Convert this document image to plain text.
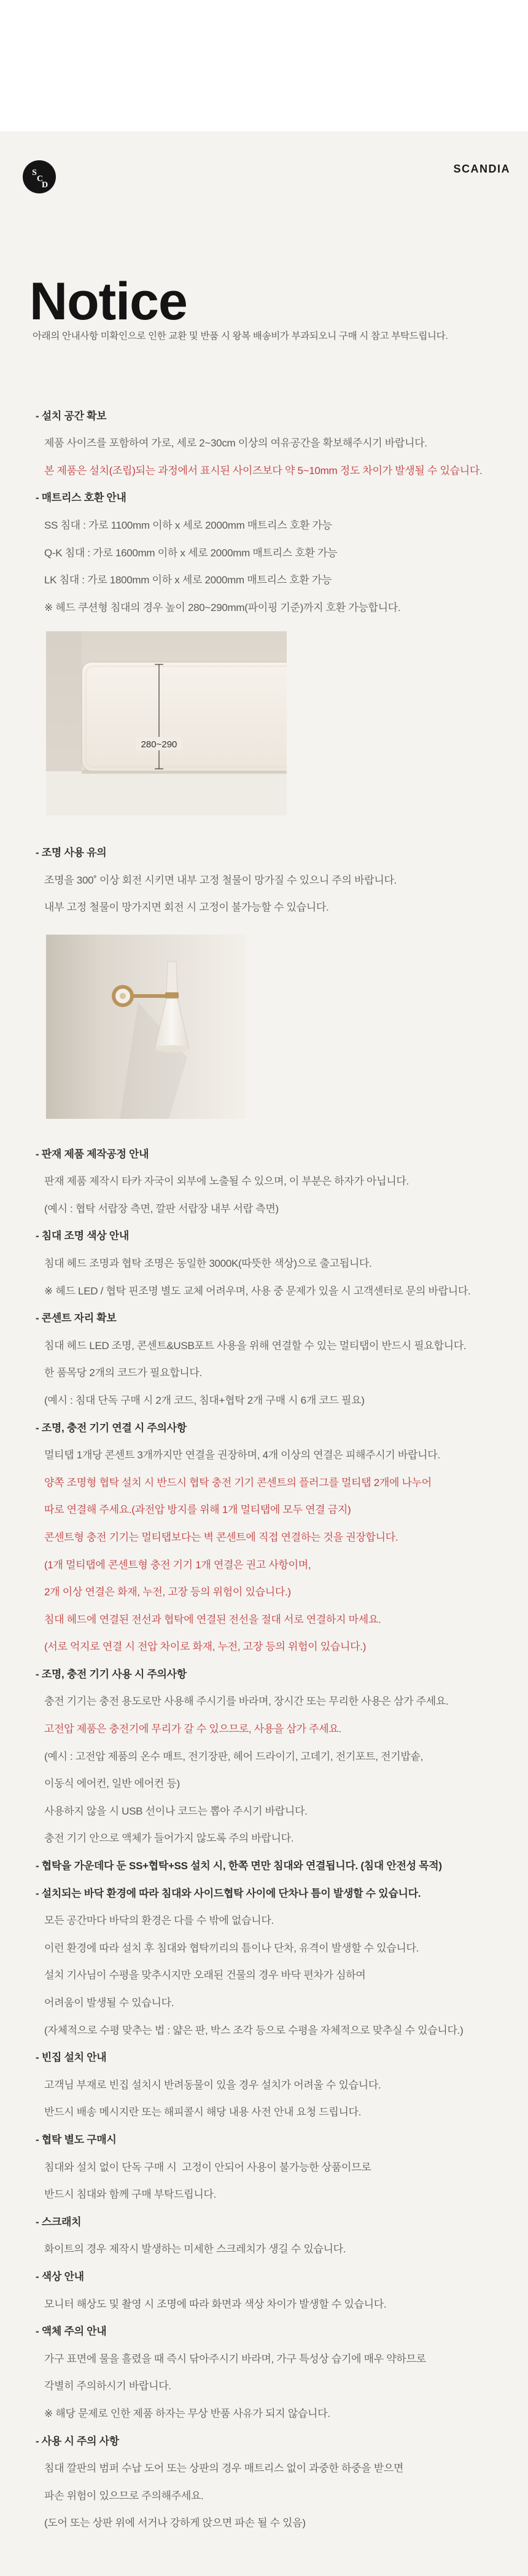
S
C
D
SCANDIA
Notice
아래의 안내사항 미확인으로 인한 교환 및 반품 시 왕복 배송비가 부과되오니 구매 시 참고 부탁드립니다.
- 설치 공간 확보
제품 사이즈를 포함하여 가로, 세로 2~30cm 이상의 여유공간을 확보해주시기 바랍니다.
본 제품은 설치(조립)되는 과정에서 표시된 사이즈보다 약 5~10mm 정도 차이가 발생될 수 있습니다.
- 매트리스 호환 안내
SS 침대 : 가로 1100mm 이하 x 세로 2000mm 매트리스 호환 가능
Q-K 침대 : 가로 1600mm 이하 x 세로 2000mm 매트리스 호환 가능
LK 침대 : 가로 1800mm 이하 x 세로 2000mm 매트리스 호환 가능
※ 헤드 쿠션형 침대의 경우 높이 280~290mm(파이핑 기준)까지 호환 가능합니다.
280~290
- 조명 사용 유의
조명을 300˚ 이상 회전 시키면 내부 고정 철물이 망가질 수 있으니 주의 바랍니다.
내부 고정 철물이 망가지면 회전 시 고정이 불가능할 수 있습니다.
- 판재 제품 제작공정 안내
판재 제품 제작시 타카 자국이 외부에 노출될 수 있으며, 이 부분은 하자가 아닙니다.
(예시 : 협탁 서랍장 측면, 깔판 서랍장 내부 서랍 측면)
- 침대 조명 색상 안내
침대 헤드 조명과 협탁 조명은 동일한 3000K(따뜻한 색상)으로 출고됩니다.
※ 헤드 LED / 협탁 핀조명 별도 교체 어려우며, 사용 중 문제가 있을 시 고객센터로 문의 바랍니다.
- 콘센트 자리 확보
침대 헤드 LED 조명, 콘센트&USB포트 사용을 위해 연결할 수 있는 멀티탭이 반드시 필요합니다.
한 품목당 2개의 코드가 필요합니다.
(예시 : 침대 단독 구매 시 2개 코드, 침대+협탁 2개 구매 시 6개 코드 필요)
- 조명, 충전 기기 연결 시 주의사항
멀티탭 1개당 콘센트 3개까지만 연결을 권장하며, 4개 이상의 연결은 피해주시기 바랍니다.
양쪽 조명형 협탁 설치 시 반드시 협탁 충전 기기 콘센트의 플러그를 멀티탭 2개에 나누어
따로 연결해 주세요.(과전압 방지를 위해 1개 멀티탭에 모두 연결 금지)
콘센트형 충전 기기는 멀티탭보다는 벽 콘센트에 직접 연결하는 것을 권장합니다.
(1개 멀티탭에 콘센트형 충전 기기 1개 연결은 권고 사항이며,
2개 이상 연결은 화재, 누전, 고장 등의 위험이 있습니다.)
침대 헤드에 연결된 전선과 협탁에 연결된 전선을 절대 서로 연결하지 마세요.
(서로 억지로 연결 시 전압 차이로 화재, 누전, 고장 등의 위험이 있습니다.)
- 조명, 충전 기기 사용 시 주의사항
충전 기기는 충전 용도로만 사용해 주시기를 바라며, 장시간 또는 무리한 사용은 삼가 주세요.
고전압 제품은 충전기에 무리가 갈 수 있으므로, 사용을 삼가 주세요.
(예시 : 고전압 제품의 온수 매트, 전기장판, 헤어 드라이기, 고데기, 전기포트, 전기밥솥,
이동식 에어컨, 일반 에어컨 등)
사용하지 않을 시 USB 선이나 코드는 뽑아 주시기 바랍니다.
충전 기기 안으로 액체가 들어가지 않도록 주의 바랍니다.
- 협탁을 가운데다 둔 SS+협탁+SS 설치 시, 한쪽 면만 침대와 연결됩니다. (침대 안전성 목적)
- 설치되는 바닥 환경에 따라 침대와 사이드협탁 사이에 단차나 틈이 발생할 수 있습니다.
모든 공간마다 바닥의 환경은 다를 수 밖에 없습니다.
이런 환경에 따라 설치 후 침대와 협탁끼리의 틈이나 단차, 유격이 발생할 수 있습니다.
설치 기사님이 수평을 맞추시지만 오래된 건물의 경우 바닥 편차가 심하여
어려움이 발생될 수 있습니다.
(자체적으로 수평 맞추는 법 : 얇은 판, 박스 조각 등으로 수평을 자체적으로 맞추실 수 있습니다.)
- 빈집 설치 안내
고객님 부재로 빈집 설치시 반려동물이 있을 경우 설치가 어려울 수 있습니다.
반드시 배송 메시지란 또는 해피콜시 해당 내용 사전 안내 요청 드립니다.
- 협탁 별도 구매시
침대와 설치 없이 단독 구매 시  고정이 안되어 사용이 불가능한 상품이므로
반드시 침대와 함께 구매 부탁드립니다.
- 스크래치
화이트의 경우 제작시 발생하는 미세한 스크레치가 생길 수 있습니다.
- 색상 안내
모니터 해상도 및 촬영 시 조명에 따라 화면과 색상 차이가 발생할 수 있습니다.
- 액체 주의 안내
가구 표면에 물을 흘렸을 때 즉시 닦아주시기 바라며, 가구 특성상 습기에 매우 약하므로
각별히 주의하시기 바랍니다.
※ 해당 문제로 인한 제품 하자는 무상 반품 사유가 되지 않습니다.
- 사용 시 주의 사항
침대 깔판의 범퍼 수납 도어 또는 상판의 경우 매트리스 없이 과중한 하중을 받으면
파손 위험이 있으므로 주의해주세요.
(도어 또는 상판 위에 서거나 강하게 앉으면 파손 될 수 있음)
